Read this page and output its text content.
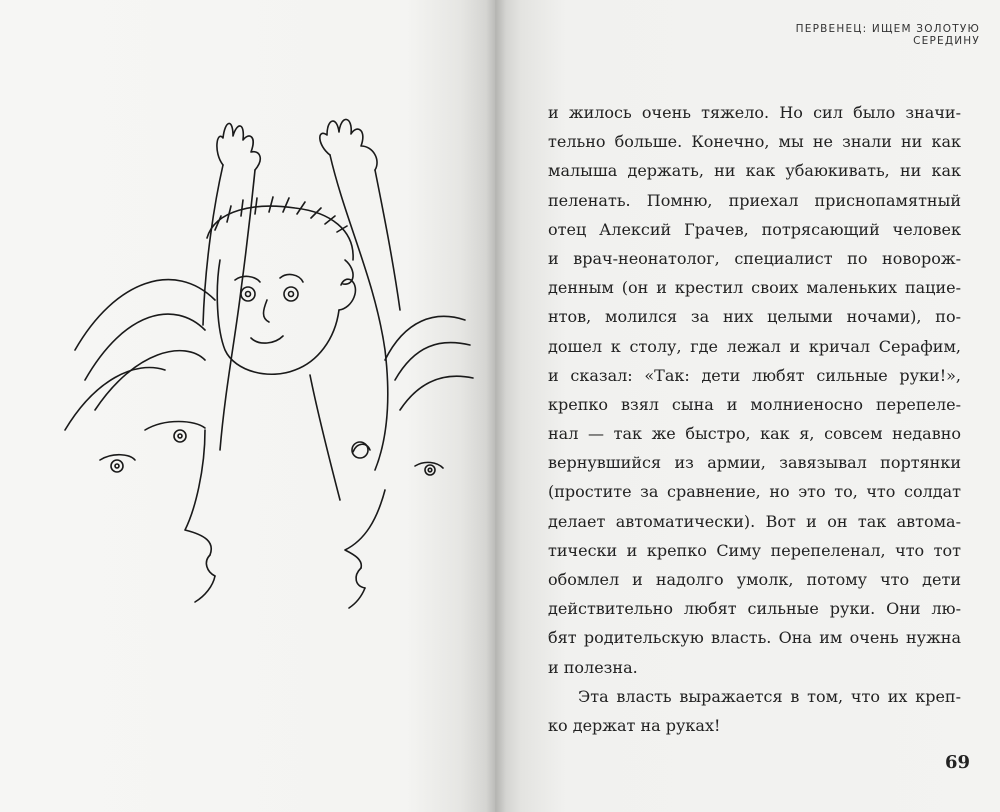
ПЕРВЕНЕЦ: ИЩЕМ ЗОЛОТУЮ СЕРЕДИНУ
и жилось очень тяжело. Но сил было значи-
тельно больше. Конечно, мы не знали ни как
малыша держать, ни как убаюкивать, ни как
пеленать. Помню, приехал приснопамятный
отец Алексий Грачев, потрясающий человек
и врач-неонатолог, специалист по новорож-
денным (он и крестил своих маленьких пацие-
нтов, молился за них целыми ночами), по-
дошел к столу, где лежал и кричал Серафим,
и сказал: «Так: дети любят сильные руки!»,
крепко взял сына и молниеносно перепеле-
нал — так же быстро, как я, совсем недавно
вернувшийся из армии, завязывал портянки
(простите за сравнение, но это то, что солдат
делает автоматически). Вот и он так автома-
тически и крепко Симу перепеленал, что тот
обомлел и надолго умолк, потому что дети
действительно любят сильные руки. Они лю-
бят родительскую власть. Она им очень нужна
и полезна.
Эта власть выражается в том, что их креп-
ко держат на руках!
69
